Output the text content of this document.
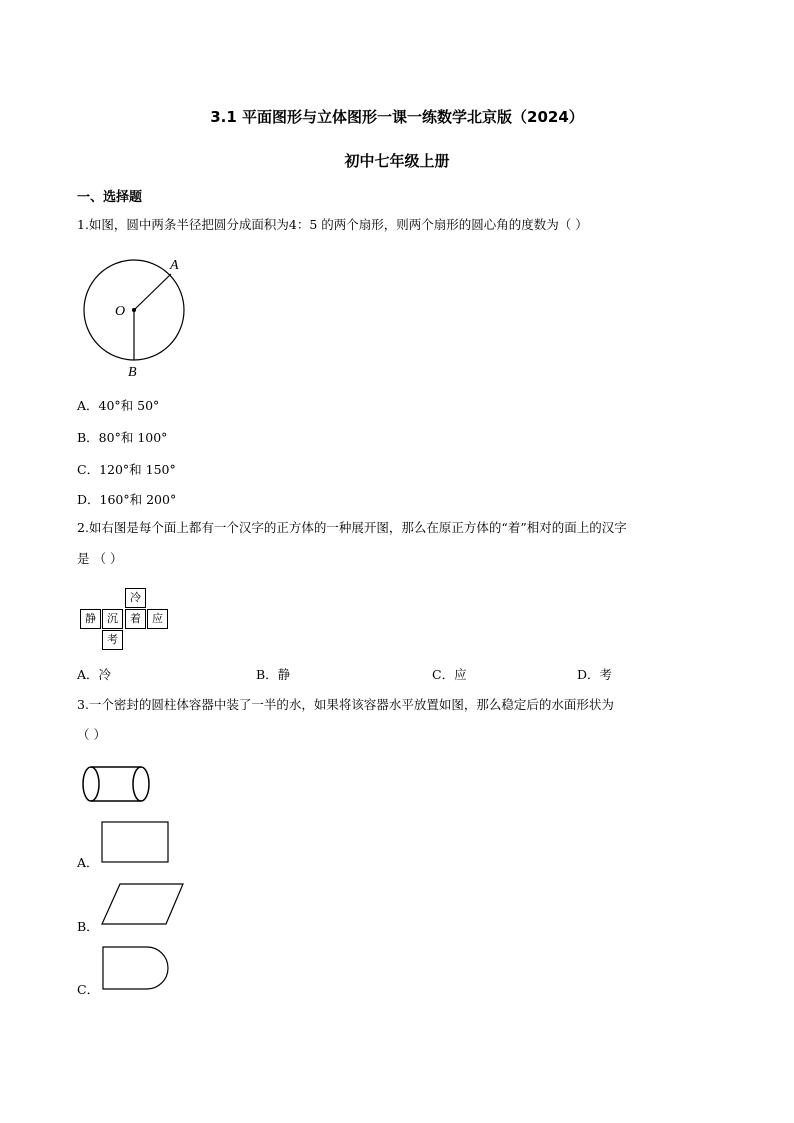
3.1 平面图形与立体图形一课一练数学北京版（2024）
初中七年级上册
一、选择题
1.如图，圆中两条半径把圆分成面积为4：5 的两个扇形，则两个扇形的圆心角的度数为（ ）
A
O
B
A．40°和 50°
B．80°和 100°
C．120°和 150°
D．160°和 200°
2.如右图是每个面上都有一个汉字的正方体的一种展开图，那么在原正方体的“着”相对的面上的汉字
是 （ ）
冷
静	沉	着	应
考
A．冷	B．静	C．应	D．考
3.一个密封的圆柱体容器中装了一半的水，如果将该容器水平放置如图，那么稳定后的水面形状为
（ ）
A．
B．
C．
